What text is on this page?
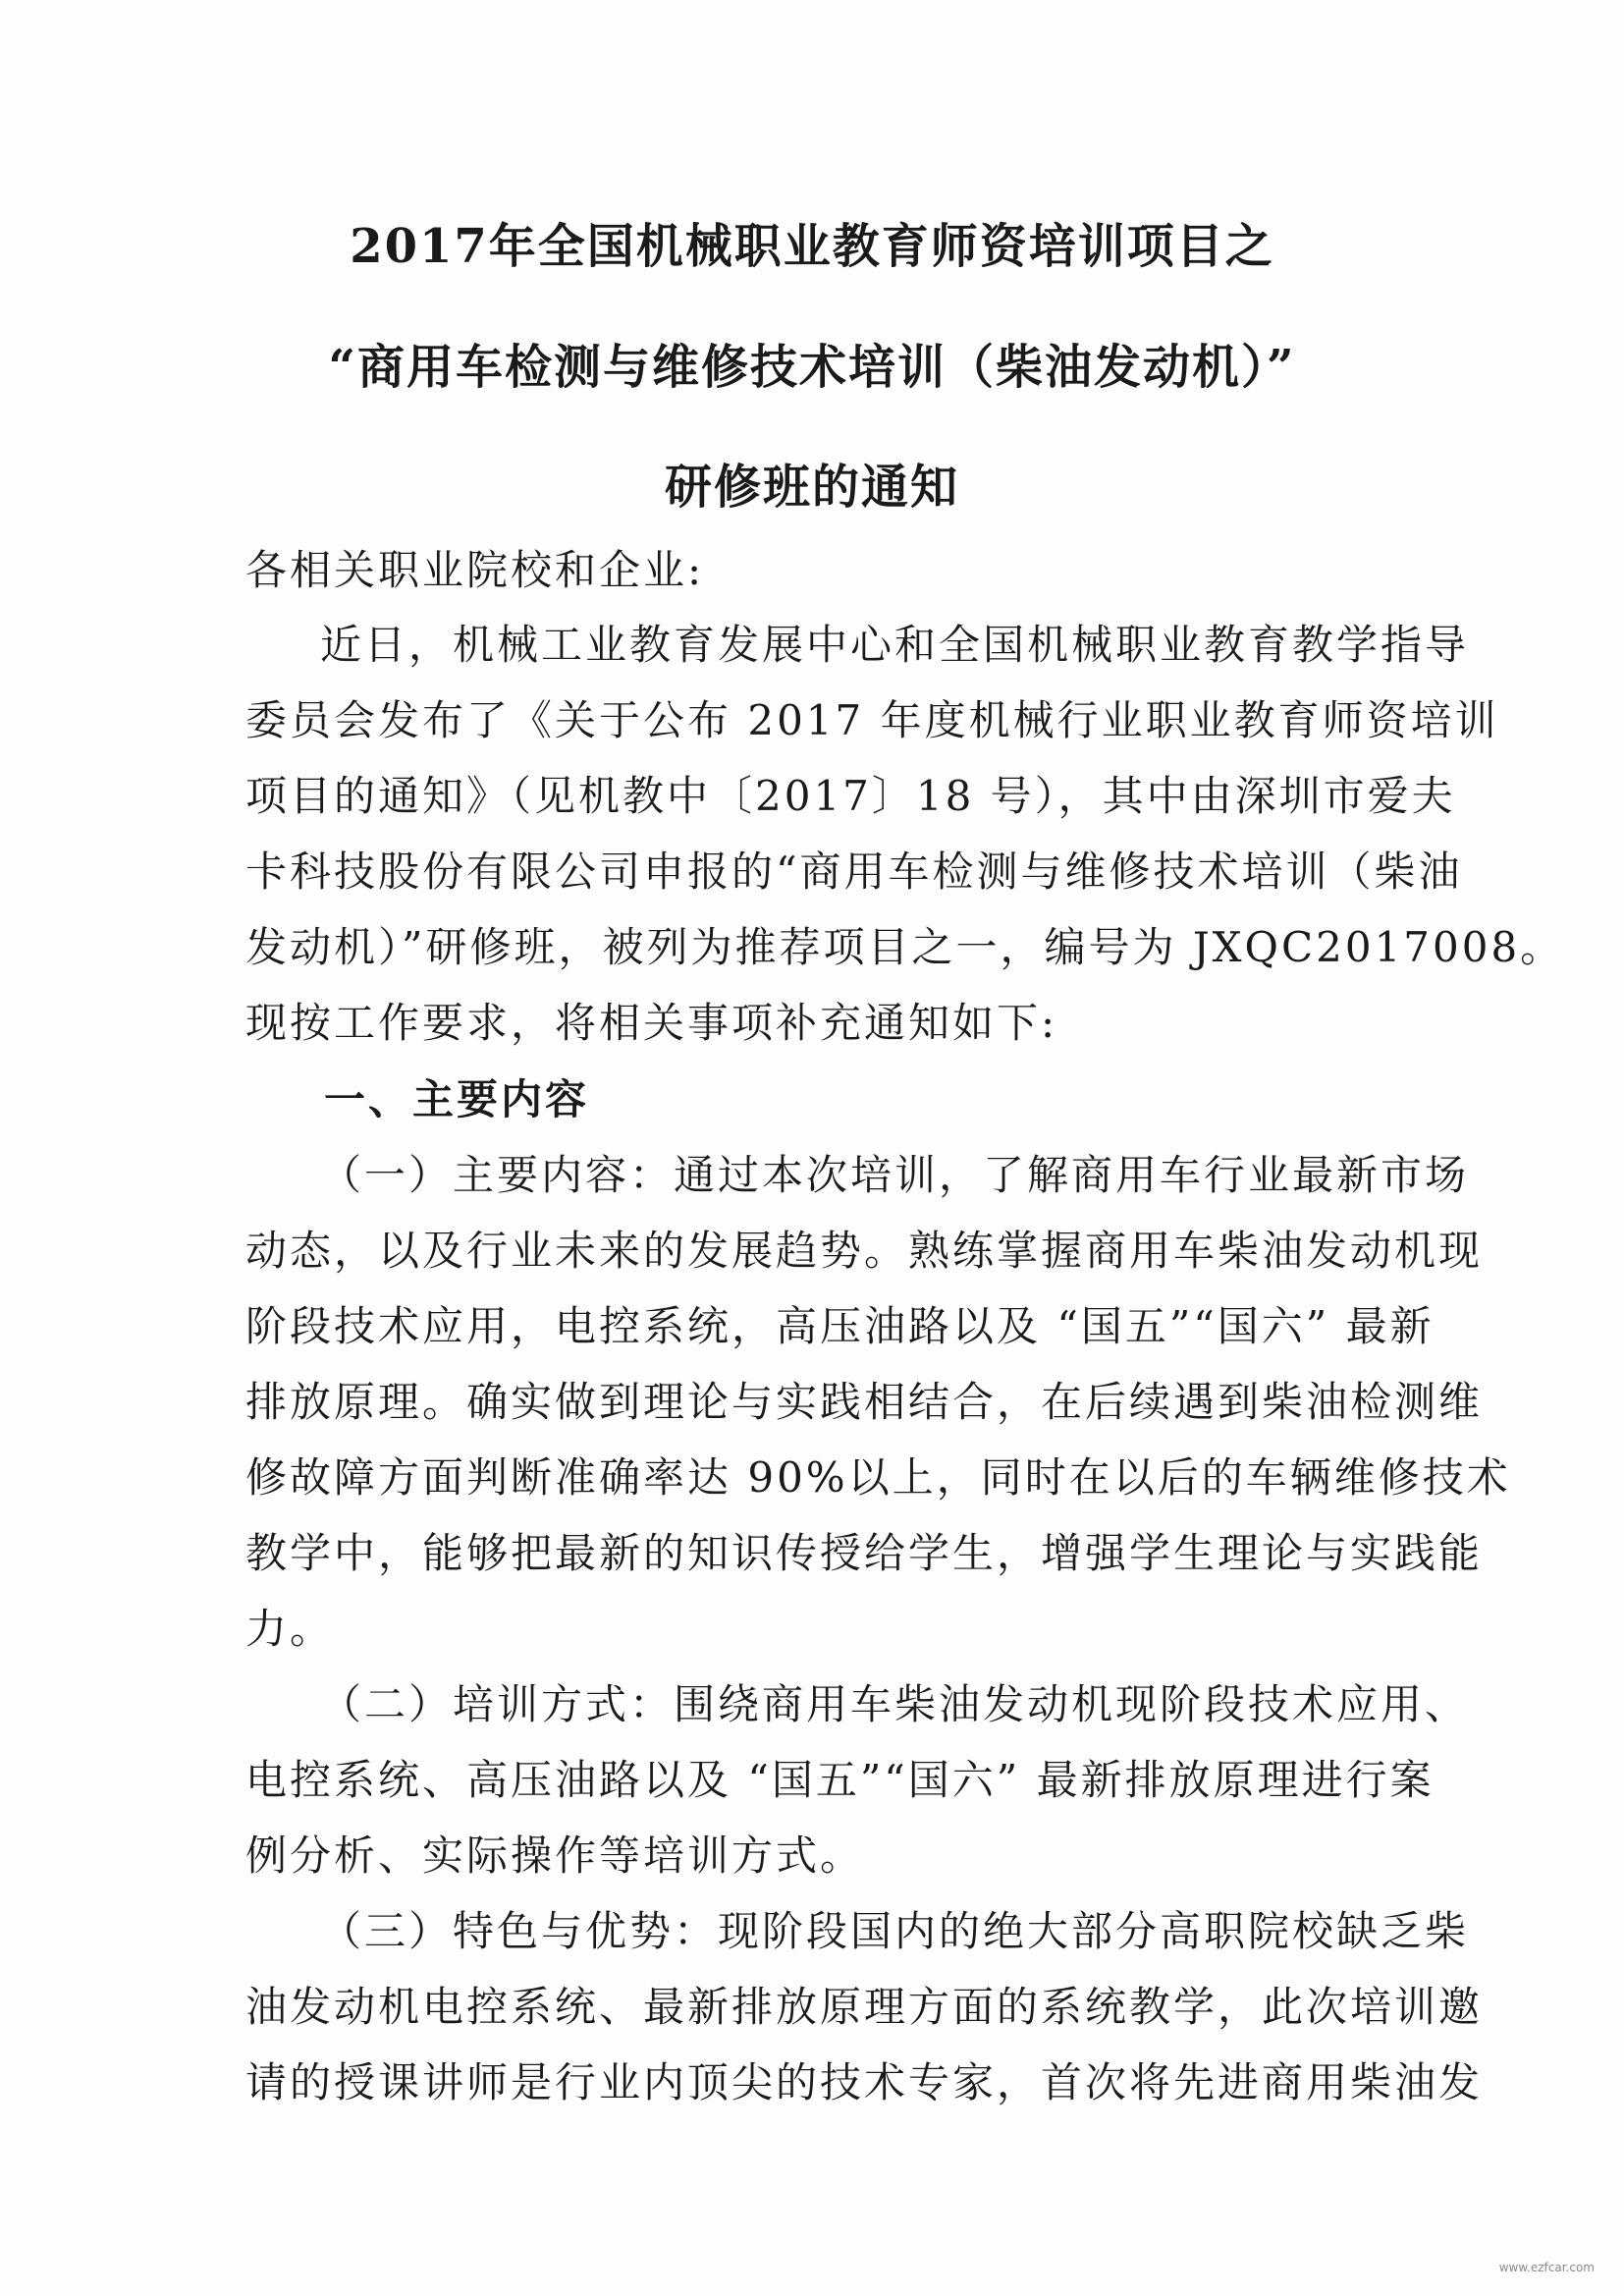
2017年全国机械职业教育师资培训项目之
“商用车检测与维修技术培训（柴油发动机）”
研修班的通知
各相关职业院校和企业:
近日，机械工业教育发展中心和全国机械职业教育教学指导
委员会发布了《关于公布 2017 年度机械行业职业教育师资培训
项目的通知》（见机教中〔2017〕18 号），其中由深圳市爱夫
卡科技股份有限公司申报的“商用车检测与维修技术培训（柴油
发动机）”研修班，被列为推荐项目之一，编号为 JXQC2017008。
现按工作要求，将相关事项补充通知如下:
一、主要内容
（一）主要内容：通过本次培训，了解商用车行业最新市场
动态，以及行业未来的发展趋势。熟练掌握商用车柴油发动机现
阶段技术应用，电控系统，高压油路以及 “国五”“国六” 最新
排放原理。确实做到理论与实践相结合，在后续遇到柴油检测维
修故障方面判断准确率达 90%以上，同时在以后的车辆维修技术
教学中，能够把最新的知识传授给学生，增强学生理论与实践能
力。
（二）培训方式：围绕商用车柴油发动机现阶段技术应用、
电控系统、高压油路以及 “国五”“国六” 最新排放原理进行案
例分析、实际操作等培训方式。
（三）特色与优势：现阶段国内的绝大部分高职院校缺乏柴
油发动机电控系统、最新排放原理方面的系统教学，此次培训邀
请的授课讲师是行业内顶尖的技术专家，首次将先进商用柴油发
www.ezfcar.com
